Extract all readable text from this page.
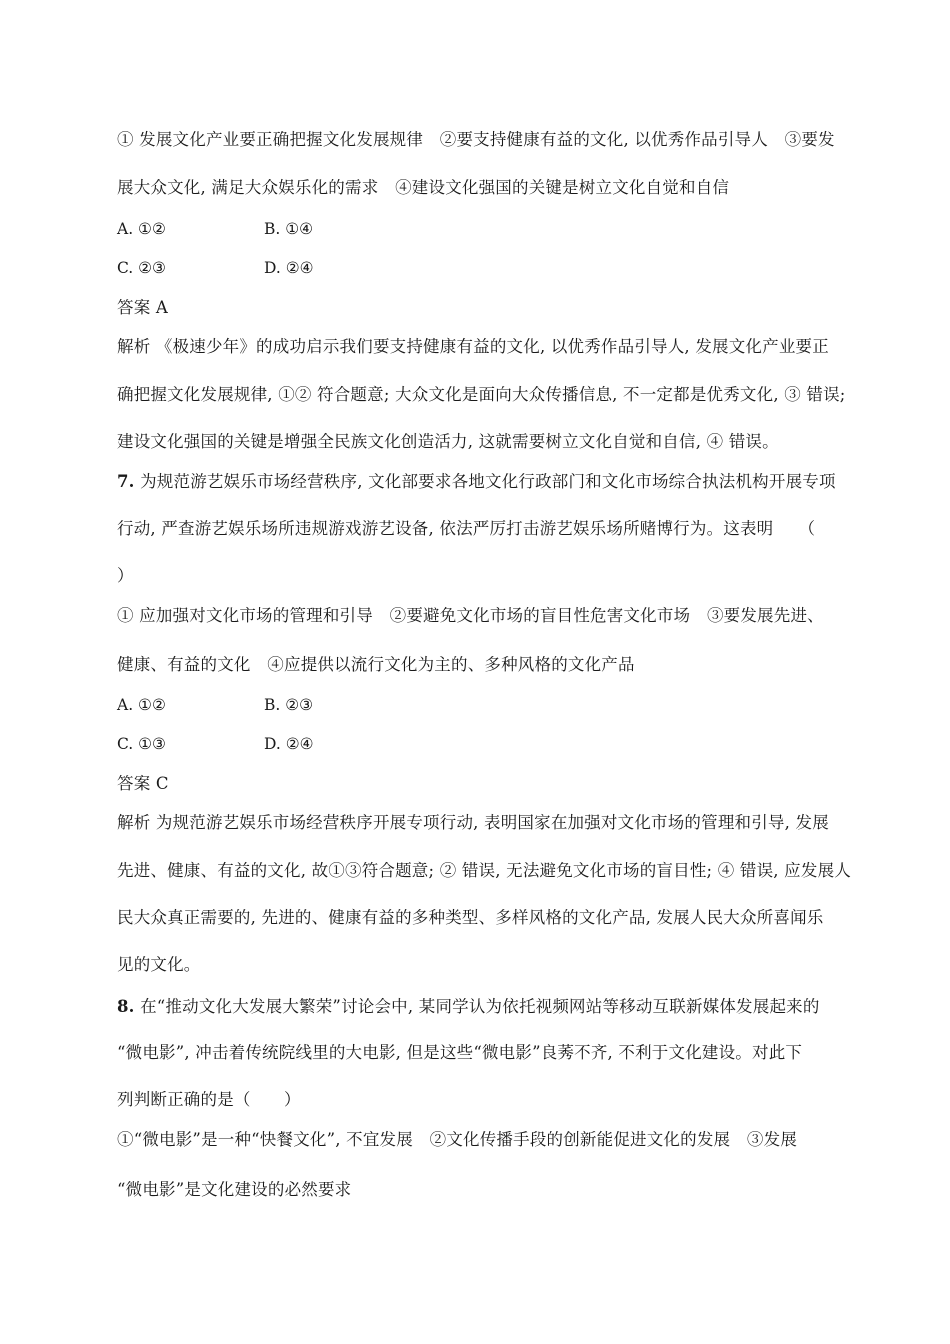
① 发展文化产业要正确把握文化发展规律　②要支持健康有益的文化, 以优秀作品引导人　③要发
展大众文化, 满足大众娱乐化的需求　④建设文化强国的关键是树立文化自觉和自信
A. ①②	B. ①④
C. ②③	D. ②④
答案 A
解析 《极速少年》的成功启示我们要支持健康有益的文化, 以优秀作品引导人, 发展文化产业要正
确把握文化发展规律, ①② 符合题意; 大众文化是面向大众传播信息, 不一定都是优秀文化, ③ 错误;
建设文化强国的关键是增强全民族文化创造活力, 这就需要树立文化自觉和自信, ④ 错误。
7. 为规范游艺娱乐市场经营秩序, 文化部要求各地文化行政部门和文化市场综合执法机构开展专项
行动, 严查游艺娱乐场所违规游戏游艺设备, 依法严厉打击游艺娱乐场所赌博行为。这表明　　（
）
① 应加强对文化市场的管理和引导　②要避免文化市场的盲目性危害文化市场　③要发展先进、
健康、有益的文化　④应提供以流行文化为主的、多种风格的文化产品
A. ①②	B. ②③
C. ①③	D. ②④
答案 C
解析 为规范游艺娱乐市场经营秩序开展专项行动, 表明国家在加强对文化市场的管理和引导, 发展
先进、健康、有益的文化, 故①③符合题意; ② 错误, 无法避免文化市场的盲目性; ④ 错误, 应发展人
民大众真正需要的, 先进的、健康有益的多种类型、多样风格的文化产品, 发展人民大众所喜闻乐
见的文化。
8. 在“推动文化大发展大繁荣”讨论会中, 某同学认为依托视频网站等移动互联新媒体发展起来的
“微电影”, 冲击着传统院线里的大电影, 但是这些“微电影”良莠不齐, 不利于文化建设。对此下
列判断正确的是（　　）
①“微电影”是一种“快餐文化”, 不宜发展　②文化传播手段的创新能促进文化的发展　③发展
“微电影”是文化建设的必然要求
